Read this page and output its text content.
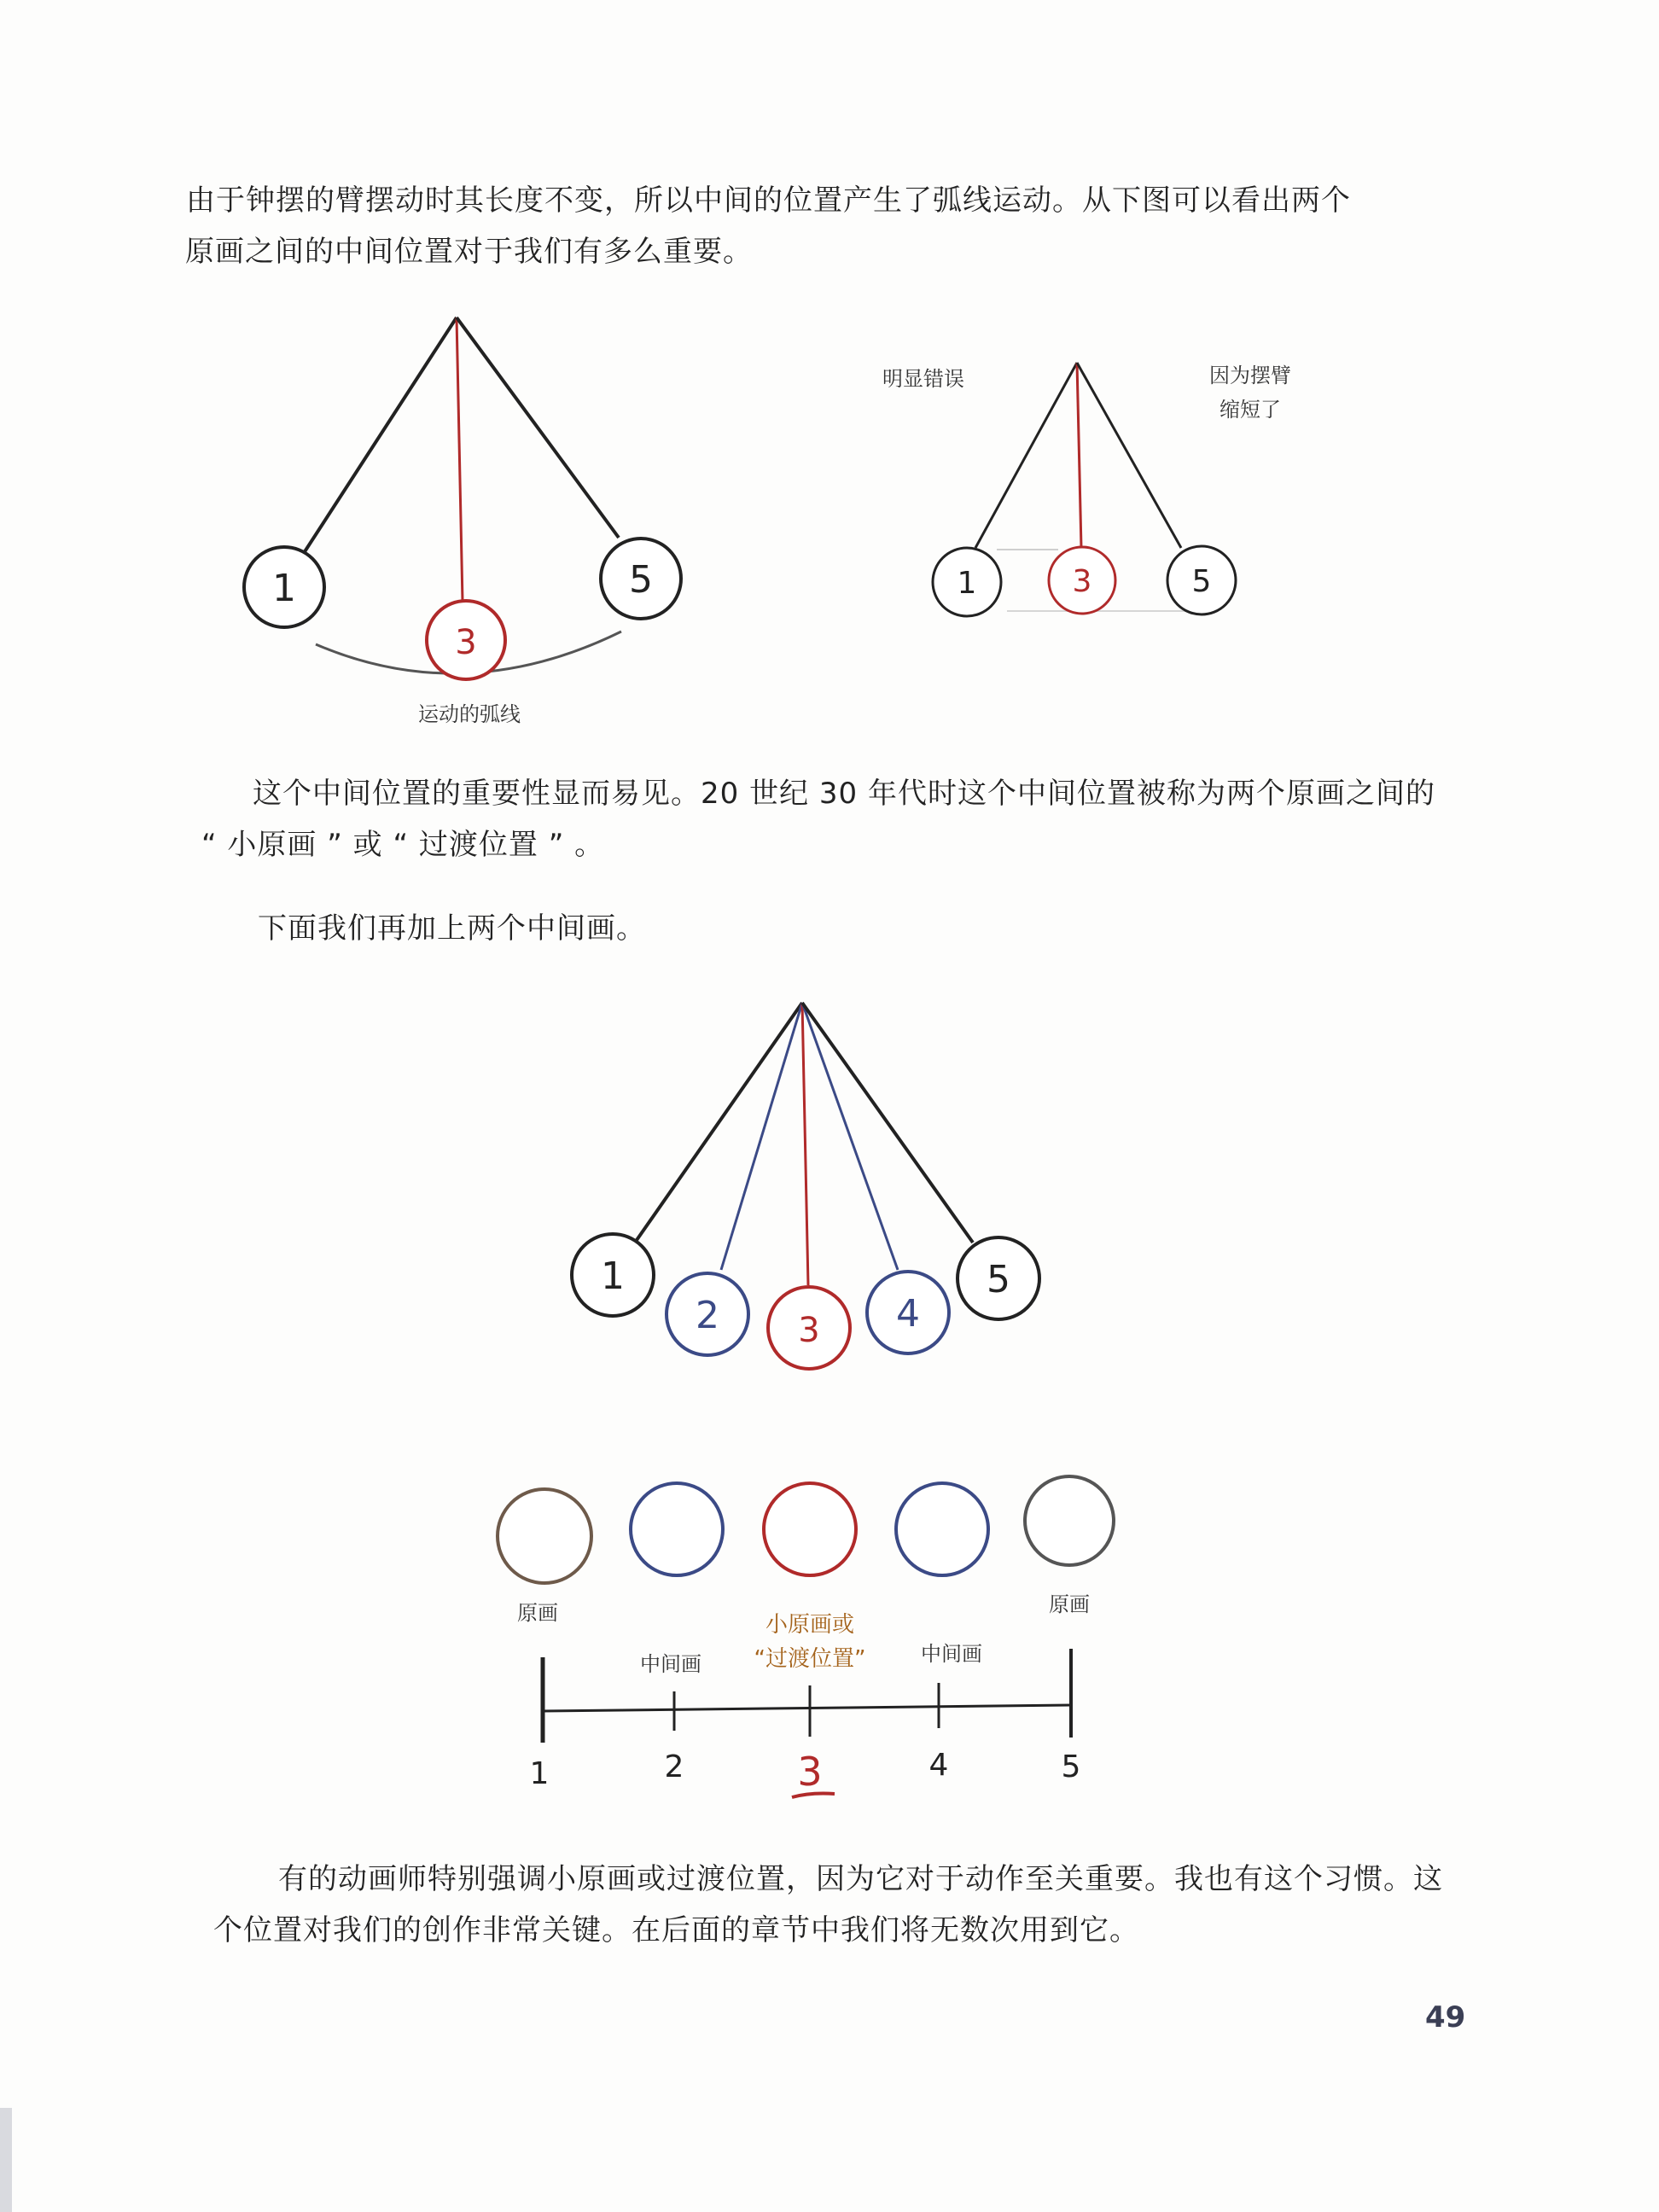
由于钟摆的臂摆动时其长度不变，所以中间的位置产生了弧线运动。从下图可以看出两个
原画之间的中间位置对于我们有多么重要。

这个中间位置的重要性显而易见。20 世纪 30 年代时这个中间位置被称为两个原画之间的
“ 小原画 ” 或 “ 过渡位置 ” 。

下面我们再加上两个中间画。

有的动画师特别强调小原画或过渡位置，因为它对于动作至关重要。我也有这个习惯。这
个位置对我们的创作非常关键。在后面的章节中我们将无数次用到它。

1
3
5
运动的弧线
1	3	5
明显错误	因为摆臂
缩短了
1
2 3 4
5
原画	原画
中间画	中间画
小原画或
“过渡位置”
1	2	3	4	5
49
